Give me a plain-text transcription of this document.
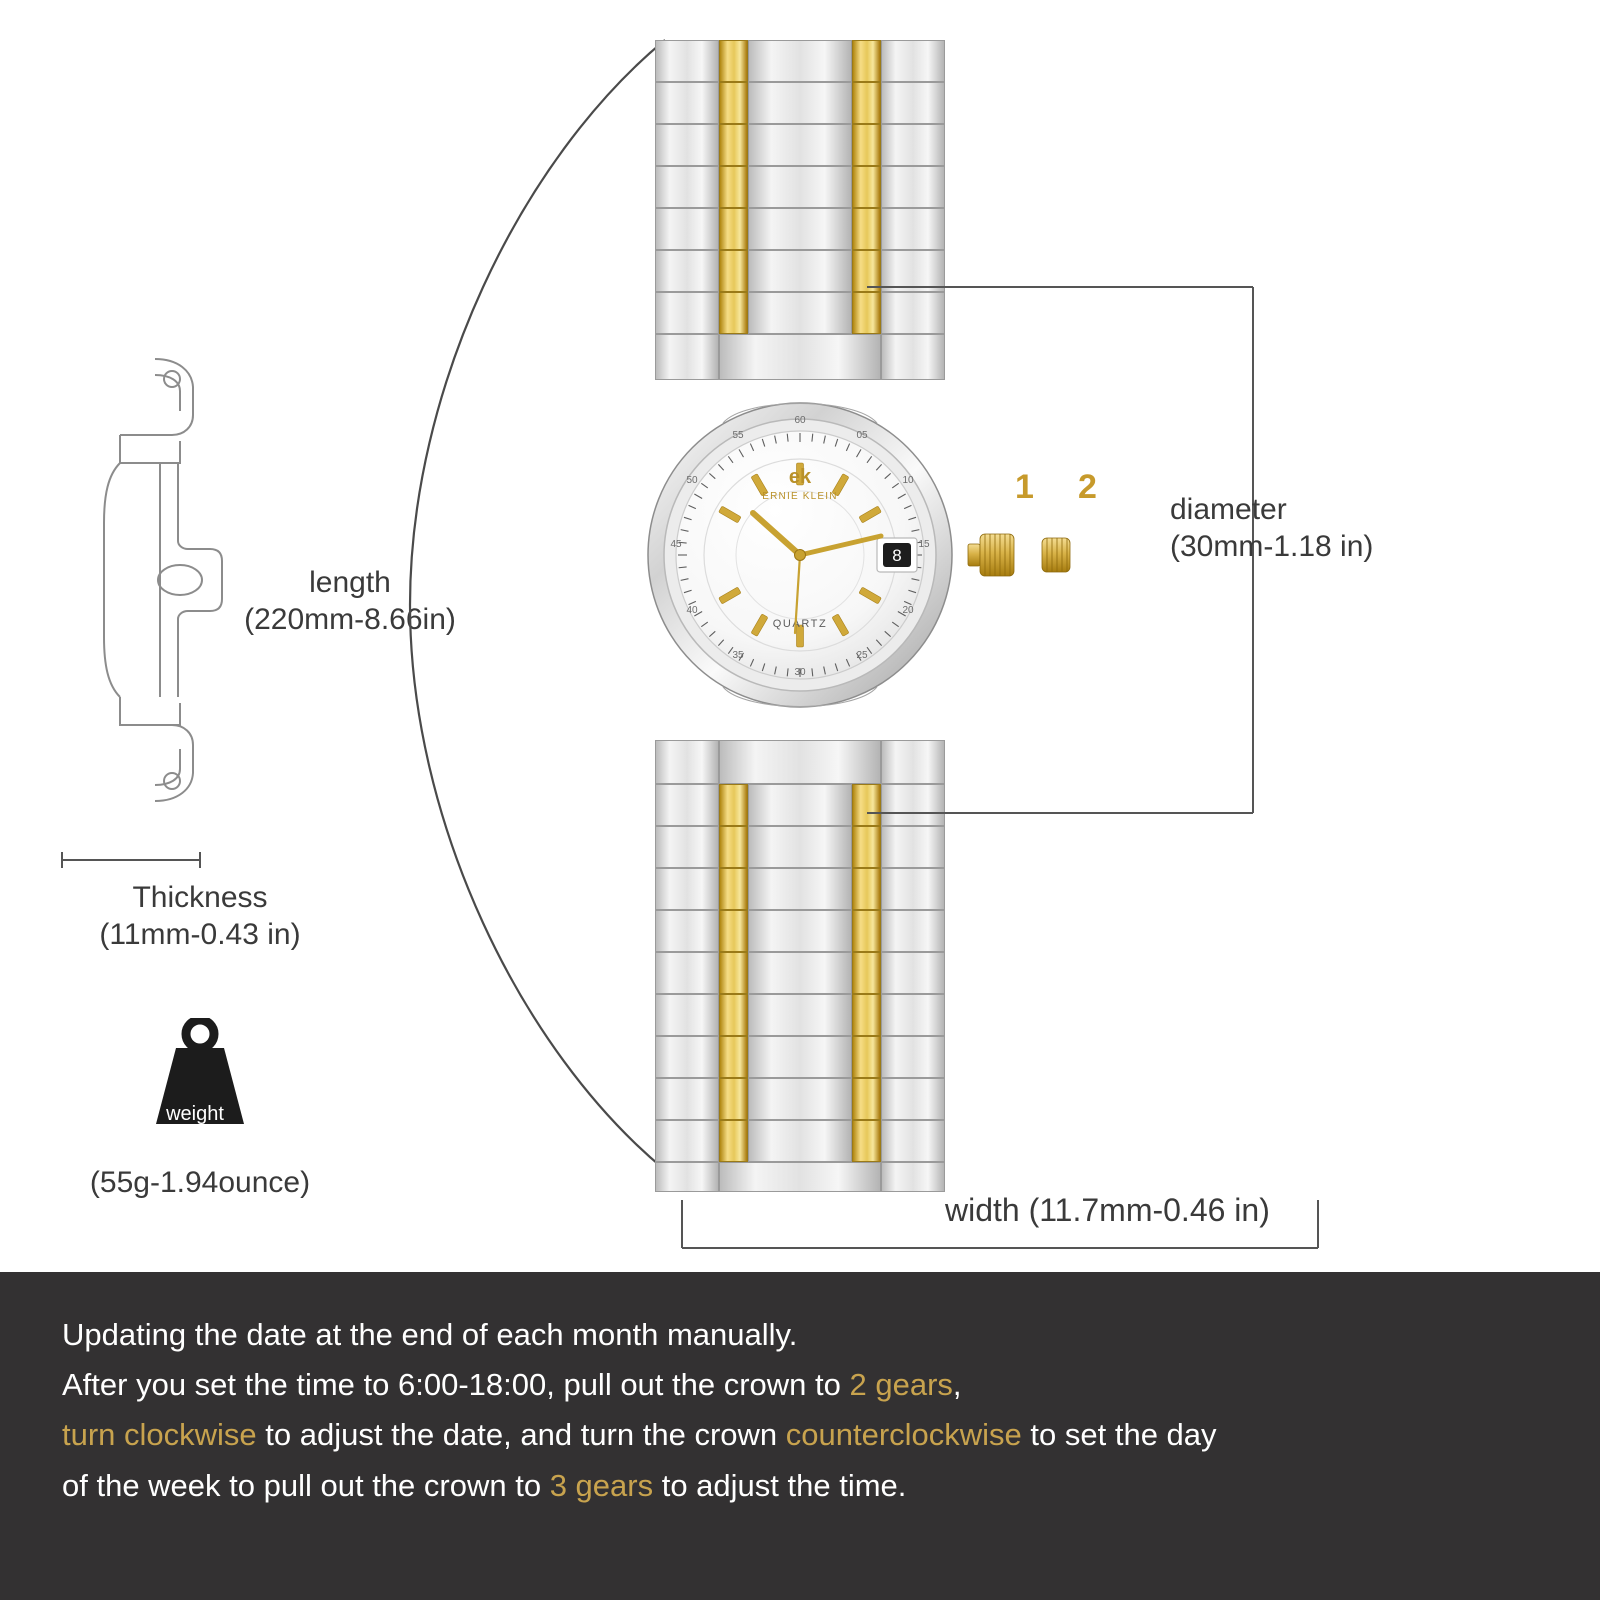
Thickness
(11mm-0.43 in)
weight
(55g-1.94ounce)
length
(220mm-8.66in)
60
05
10
15
20
25
30
35
40
45
50
55
8
ek
ERNIE KLEIN
QUARTZ
1 2
diameter
(30mm-1.18 in)
width (11.7mm-0.46 in)
Updating the date at the end of each month manually.
After you set the time to 6:00-18:00, pull out the crown to 2 gears,
turn clockwise to adjust the date, and turn the crown counterclockwise to set the day
of the week to pull out the crown to 3 gears to adjust the time.
